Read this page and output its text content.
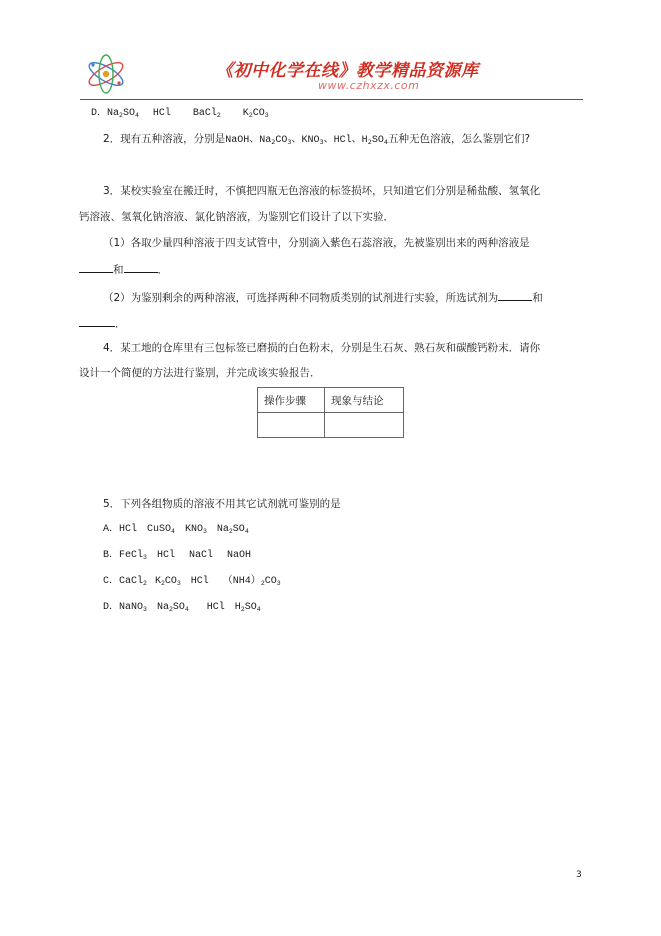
《初中化学在线》教学精品资源库
www.czhxzx.com
D．$Na_2SO_4$ HCl BaCl$_2$ $K_2CO_3$
2．现有五种溶液，分别是NaOH、$Na_2CO_3$、$KNO_3$、HCl、$H_2SO_4$五种无色溶液，怎么鉴别它们?
3．某校实验室在搬迁时，不慎把四瓶无色溶液的标签损坏，只知道它们分别是稀盐酸、氢氧化
钙溶液、氢氧化钠溶液、氯化钠溶液，为鉴别它们设计了以下实验．
（1）各取少量四种溶液于四支试管中，分别滴入紫色石蕊溶液，先被鉴别出来的两种溶液是
和	．
（2）为鉴别剩余的两种溶液，可选择两种不同物质类别的试剂进行实验，所选试剂为	和
．
4．某工地的仓库里有三包标签已磨损的白色粉末，分别是生石灰、熟石灰和碳酸钙粉末．请你
设计一个简便的方法进行鉴别，并完成该实验报告．
操作步骤	现象与结论

5．下列各组物质的溶液不用其它试剂就可鉴别的是
A．HCl CuSO$_4$ $KNO_3$ $Na_2SO_4$
B．FeCl$_3$ HCl NaCl NaOH
C．CaCl$_2$ $K_2CO_3$ HCl $(NH4)_2CO_3$
D．NaNO$_3$ $Na_2SO_4$ HCl $H_2SO_4$
3
